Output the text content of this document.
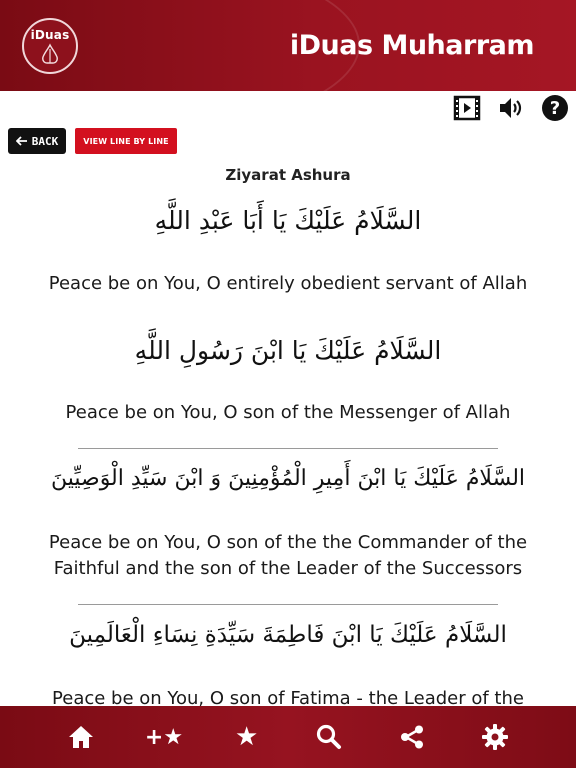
iDuas	iDuas Muharram
?
BACK	VIEW LINE BY LINE
Ziyarat Ashura
السَّلَامُ عَلَيْكَ يَا أَبَا عَبْدِ اللَّهِ
Peace be on You, O entirely obedient servant of Allah
السَّلَامُ عَلَيْكَ يَا ابْنَ رَسُولِ اللَّهِ
Peace be on You, O son of the Messenger of Allah
السَّلَامُ عَلَيْكَ يَا ابْنَ أَمِيرِ الْمُؤْمِنِينَ وَ ابْنَ سَيِّدِ الْوَصِيِّينَ
Peace be on You, O son of the the Commander of the Faithful and the son of the Leader of the Successors
السَّلَامُ عَلَيْكَ يَا ابْنَ فَاطِمَةَ سَيِّدَةِ نِسَاءِ الْعَالَمِينَ
Peace be on You, O son of Fatima - the Leader of the
+★ ★
